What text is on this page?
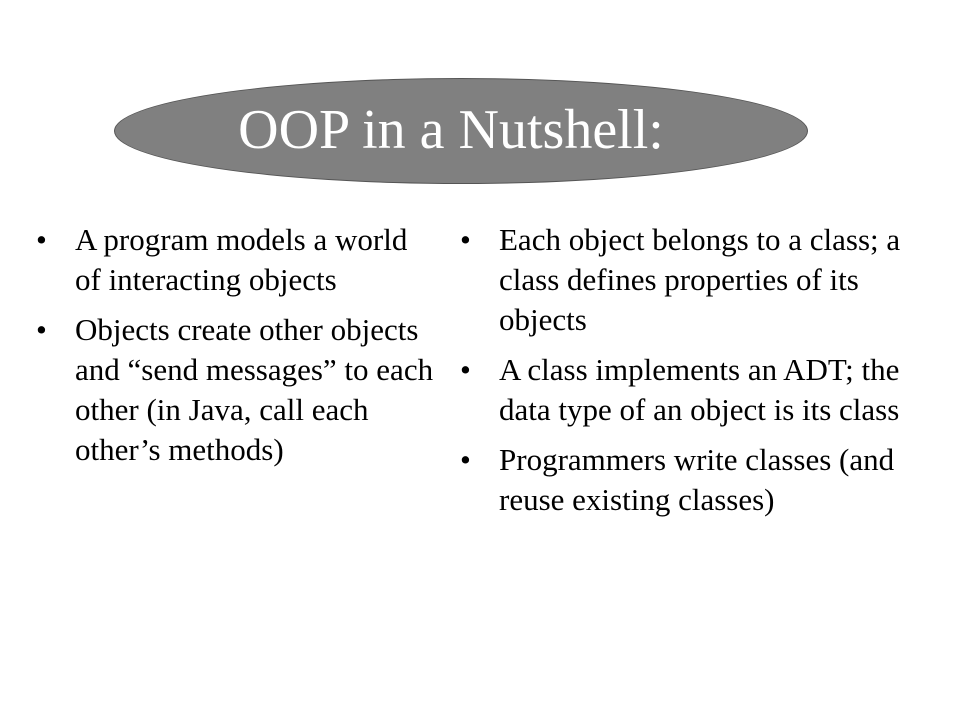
OOP in a Nutshell:
• A program models a world of interacting objects
• Objects create other objects and “send messages” to each other (in Java, call each other’s methods)
• Each object belongs to a class; a class defines properties of its objects
• A class implements an ADT; the data type of an object is its class
• Programmers write classes (and reuse existing classes)
